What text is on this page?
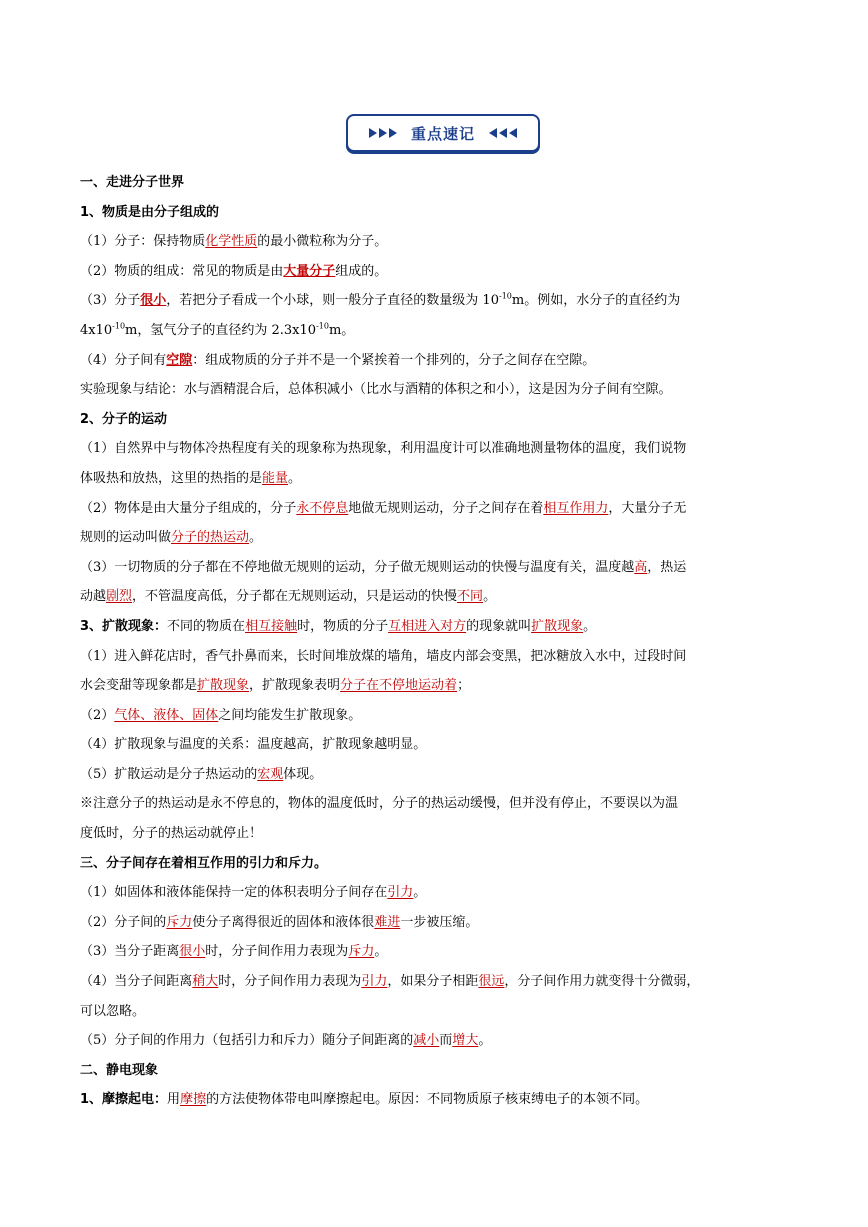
重点速记
一、走进分子世界
1、物质是由分子组成的
（1）分子：保持物质化学性质的最小微粒称为分子。
（2）物质的组成：常见的物质是由大量分子组成的。
（3）分子很小，若把分子看成一个小球，则一般分子直径的数量级为 $10^{-10}m$。例如，水分子的直径约为
$4x10^{-10}m$，氢气分子的直径约为 $2.3x10^{-10}m$。
（4）分子间有空隙：组成物质的分子并不是一个紧挨着一个排列的，分子之间存在空隙。
实验现象与结论：水与酒精混合后，总体积减小（比水与酒精的体积之和小），这是因为分子间有空隙。
2、分子的运动
（1）自然界中与物体冷热程度有关的现象称为热现象，利用温度计可以准确地测量物体的温度，我们说物
体吸热和放热，这里的热指的是能量。
（2）物体是由大量分子组成的，分子永不停息地做无规则运动，分子之间存在着相互作用力，大量分子无
规则的运动叫做分子的热运动。
（3）一切物质的分子都在不停地做无规则的运动，分子做无规则运动的快慢与温度有关，温度越高，热运
动越剧烈，不管温度高低，分子都在无规则运动，只是运动的快慢不同。
3、扩散现象：不同的物质在相互接触时，物质的分子互相进入对方的现象就叫扩散现象。
（1）进入鲜花店时，香气扑鼻而来，长时间堆放煤的墙角，墙皮内部会变黑，把冰糖放入水中，过段时间
水会变甜等现象都是扩散现象，扩散现象表明分子在不停地运动着；
（2）气体、液体、固体之间均能发生扩散现象。
（4）扩散现象与温度的关系：温度越高，扩散现象越明显。
（5）扩散运动是分子热运动的宏观体现。
※注意分子的热运动是永不停息的，物体的温度低时，分子的热运动缓慢，但并没有停止，不要误以为温
度低时，分子的热运动就停止！
三、分子间存在着相互作用的引力和斥力。
（1）如固体和液体能保持一定的体积表明分子间存在引力。
（2）分子间的斥力使分子离得很近的固体和液体很难进一步被压缩。
（3）当分子距离很小时，分子间作用力表现为斥力。
（4）当分子间距离稍大时，分子间作用力表现为引力，如果分子相距很远，分子间作用力就变得十分微弱，
可以忽略。
（5）分子间的作用力（包括引力和斥力）随分子间距离的减小而增大。
二、静电现象
1、摩擦起电：用摩擦的方法使物体带电叫摩擦起电。原因：不同物质原子核束缚电子的本领不同。
